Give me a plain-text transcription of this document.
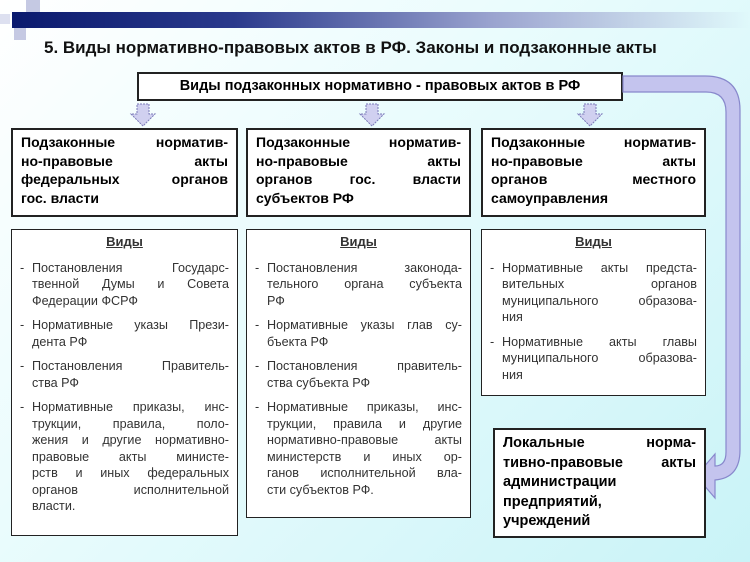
5. Виды нормативно-правовых актов в РФ. Законы и подзаконные акты
Виды подзаконных нормативно - правовых актов в РФ
Подзаконные норматив-
но-правовые акты
федеральных органов
гос. власти
Виды
- Постановления Государс-
твенной Думы и Совета
Федерации ФСРФ
- Нормативные указы Прези-
дента РФ
- Постановления Правитель-
ства РФ
- Нормативные приказы, инс-
трукции, правила, поло-
жения и другие нормативно-
правовые акты министе-
рств и иных федеральных
органов исполнительной
власти.
Подзаконные норматив-
но-правовые акты
органов гос. власти
субъектов РФ
Виды
- Постановления законода-
тельного органа субъекта
РФ
- Нормативные указы глав су-
бъекта РФ
- Постановления правитель-
ства субъекта РФ
- Нормативные приказы, инс-
трукции, правила и другие
нормативно-правовые акты
министерств и иных ор-
ганов исполнительной вла-
сти субъектов РФ.
Подзаконные норматив-
но-правовые акты
органов местного
самоуправления
Виды
- Нормативные акты предста-
вительных органов
муниципального образова-
ния
- Нормативные акты главы
муниципального образова-
ния
Локальные норма-
тивно-правовые акты
администрации
предприятий,
учреждений
